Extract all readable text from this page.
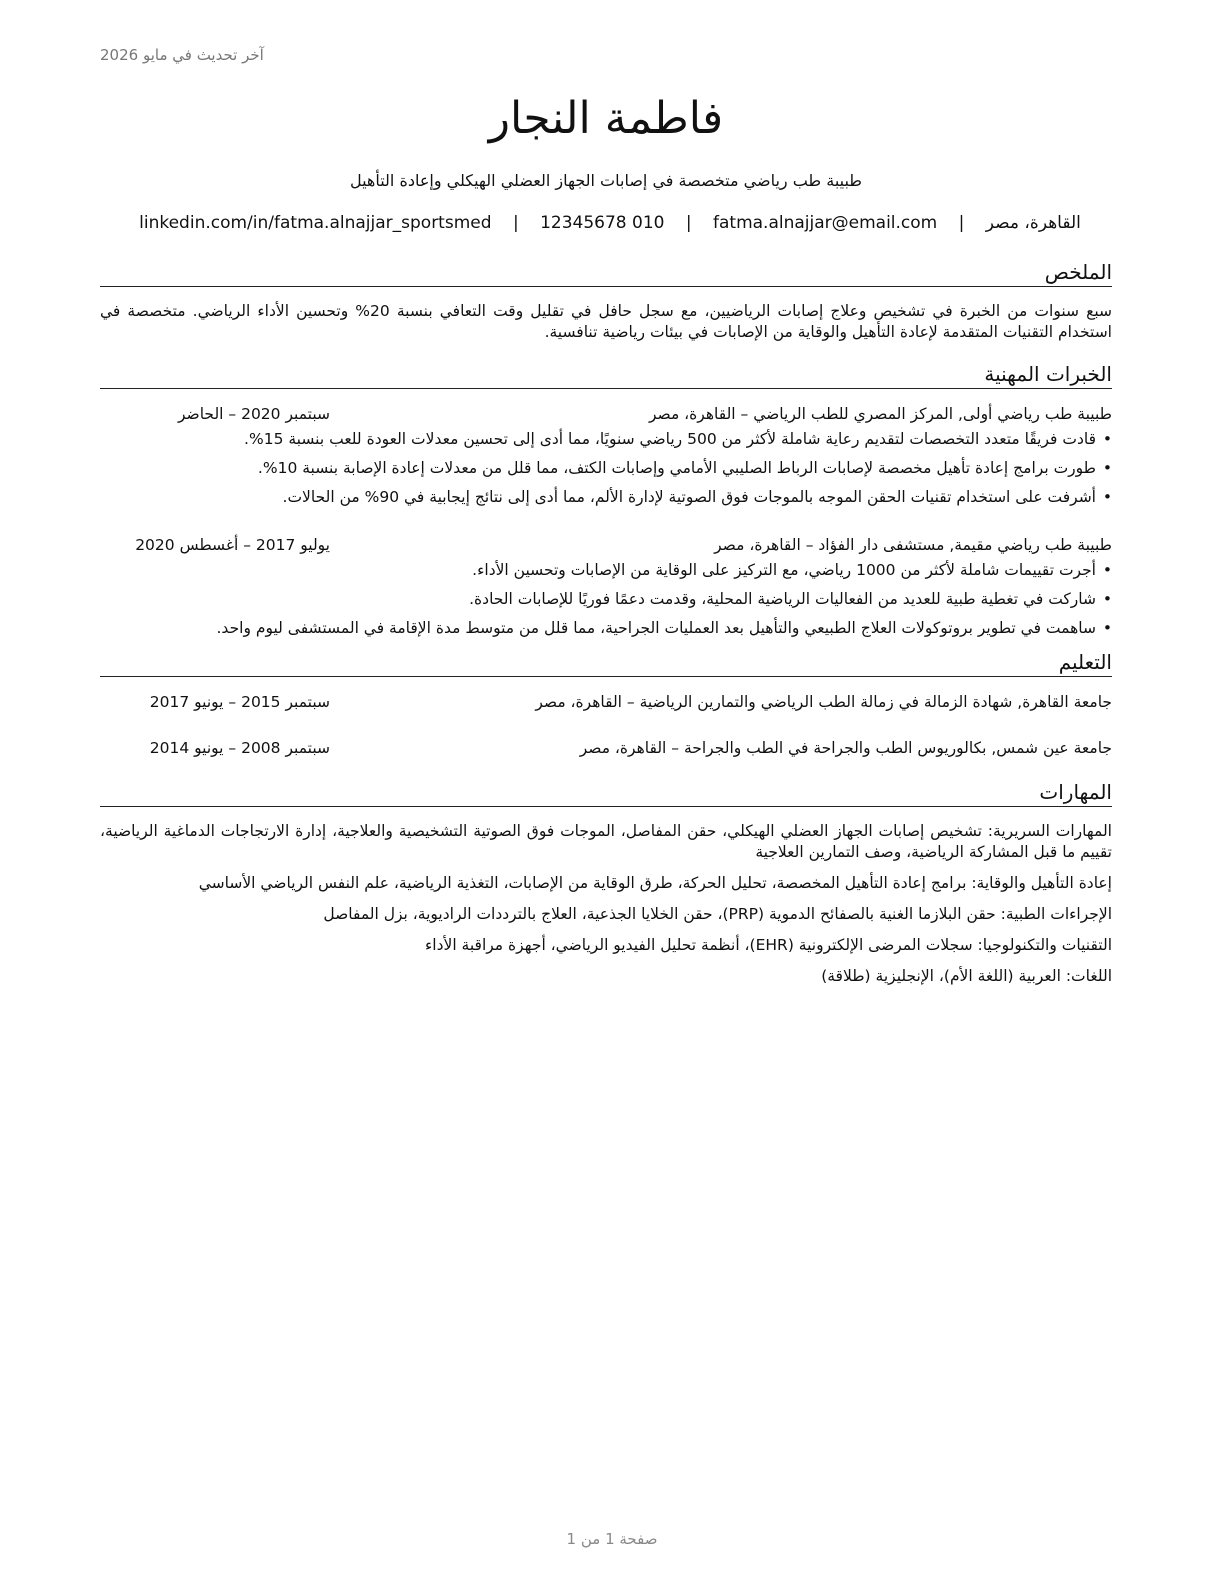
آخر تحديث في مايو 2026
فاطمة النجار
طبيبة طب رياضي متخصصة في إصابات الجهاز العضلي الهيكلي وإعادة التأهيل
القاهرة، مصر | fatma.alnajjar@email.com | 010 12345678 | linkedin.com/in/fatma.alnajjar_sportsmed
الملخص
سبع سنوات من الخبرة في تشخيص وعلاج إصابات الرياضيين، مع سجل حافل في تقليل وقت التعافي بنسبة 20% وتحسين الأداء الرياضي. متخصصة في استخدام التقنيات المتقدمة لإعادة التأهيل والوقاية من الإصابات في بيئات رياضية تنافسية.
الخبرات المهنية
طبيبة طب رياضي أولى, المركز المصري للطب الرياضي – القاهرة، مصر
سبتمبر 2020 – الحاضر
• قادت فريقًا متعدد التخصصات لتقديم رعاية شاملة لأكثر من 500 رياضي سنويًا، مما أدى إلى تحسين معدلات العودة للعب بنسبة 15%.
• طورت برامج إعادة تأهيل مخصصة لإصابات الرباط الصليبي الأمامي وإصابات الكتف، مما قلل من معدلات إعادة الإصابة بنسبة 10%.
• أشرفت على استخدام تقنيات الحقن الموجه بالموجات فوق الصوتية لإدارة الألم، مما أدى إلى نتائج إيجابية في 90% من الحالات.
طبيبة طب رياضي مقيمة, مستشفى دار الفؤاد – القاهرة، مصر
يوليو 2017 – أغسطس 2020
• أجرت تقييمات شاملة لأكثر من 1000 رياضي، مع التركيز على الوقاية من الإصابات وتحسين الأداء.
• شاركت في تغطية طبية للعديد من الفعاليات الرياضية المحلية، وقدمت دعمًا فوريًا للإصابات الحادة.
• ساهمت في تطوير بروتوكولات العلاج الطبيعي والتأهيل بعد العمليات الجراحية، مما قلل من متوسط مدة الإقامة في المستشفى ليوم واحد.
التعليم
جامعة القاهرة, شهادة الزمالة في زمالة الطب الرياضي والتمارين الرياضية – القاهرة، مصر
سبتمبر 2015 – يونيو 2017
جامعة عين شمس, بكالوريوس الطب والجراحة في الطب والجراحة – القاهرة، مصر
سبتمبر 2008 – يونيو 2014
المهارات
المهارات السريرية: تشخيص إصابات الجهاز العضلي الهيكلي، حقن المفاصل، الموجات فوق الصوتية التشخيصية والعلاجية، إدارة الارتجاجات الدماغية الرياضية، تقييم ما قبل المشاركة الرياضية، وصف التمارين العلاجية
إعادة التأهيل والوقاية: برامج إعادة التأهيل المخصصة، تحليل الحركة، طرق الوقاية من الإصابات، التغذية الرياضية، علم النفس الرياضي الأساسي
الإجراءات الطبية: حقن البلازما الغنية بالصفائح الدموية (PRP)، حقن الخلايا الجذعية، العلاج بالترددات الراديوية، بزل المفاصل
التقنيات والتكنولوجيا: سجلات المرضى الإلكترونية (EHR)، أنظمة تحليل الفيديو الرياضي، أجهزة مراقبة الأداء
اللغات: العربية (اللغة الأم)، الإنجليزية (طلاقة)
صفحة 1 من 1
